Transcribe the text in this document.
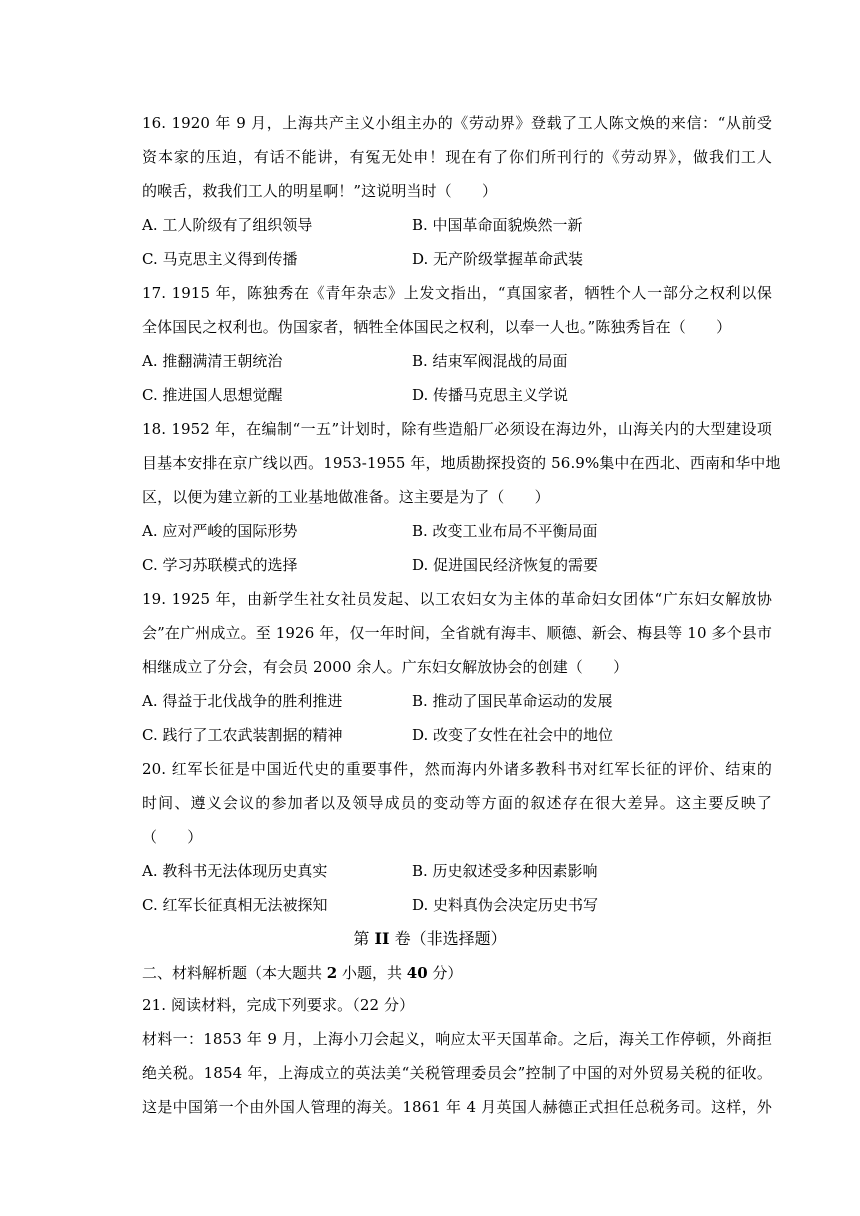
16. 1920 年 9 月，上海共产主义小组主办的《劳动界》登载了工人陈文焕的来信：“从前受
资本家的压迫，有话不能讲，有冤无处申！现在有了你们所刊行的《劳动界》，做我们工人
的喉舌，救我们工人的明星啊！”这说明当时（　　）
A. 工人阶级有了组织领导	B. 中国革命面貌焕然一新
C. 马克思主义得到传播	D. 无产阶级掌握革命武装
17. 1915 年，陈独秀在《青年杂志》上发文指出，“真国家者，牺牲个人一部分之权利以保
全体国民之权利也。伪国家者，牺牲全体国民之权利，以奉一人也。”陈独秀旨在（　　）
A. 推翻满清王朝统治	B. 结束军阀混战的局面
C. 推进国人思想觉醒	D. 传播马克思主义学说
18. 1952 年，在编制“一五”计划时，除有些造船厂必须设在海边外，山海关内的大型建设项
目基本安排在京广线以西。1953-1955 年，地质勘探投资的 56.9%集中在西北、西南和华中地
区，以便为建立新的工业基地做准备。这主要是为了（　　）
A. 应对严峻的国际形势	B. 改变工业布局不平衡局面
C. 学习苏联模式的选择	D. 促进国民经济恢复的需要
19. 1925 年，由新学生社女社员发起、以工农妇女为主体的革命妇女团体“广东妇女解放协
会”在广州成立。至 1926 年，仅一年时间，全省就有海丰、顺德、新会、梅县等 10 多个县市
相继成立了分会，有会员 2000 余人。广东妇女解放协会的创建（　　）
A. 得益于北伐战争的胜利推进	B. 推动了国民革命运动的发展
C. 践行了工农武装割据的精神	D. 改变了女性在社会中的地位
20. 红军长征是中国近代史的重要事件，然而海内外诸多教科书对红军长征的评价、结束的
时间、遵义会议的参加者以及领导成员的变动等方面的叙述存在很大差异。这主要反映了
（　　）
A. 教科书无法体现历史真实	B. 历史叙述受多种因素影响
C. 红军长征真相无法被探知	D. 史料真伪会决定历史书写
第 II 卷（非选择题）
二、材料解析题（本大题共 2 小题，共 40 分）
21. 阅读材料，完成下列要求。（22 分）
材料一：1853 年 9 月，上海小刀会起义，响应太平天国革命。之后，海关工作停顿，外商拒
绝关税。1854 年，上海成立的英法美“关税管理委员会”控制了中国的对外贸易关税的征收。
这是中国第一个由外国人管理的海关。1861 年 4 月英国人赫德正式担任总税务司。这样，外
